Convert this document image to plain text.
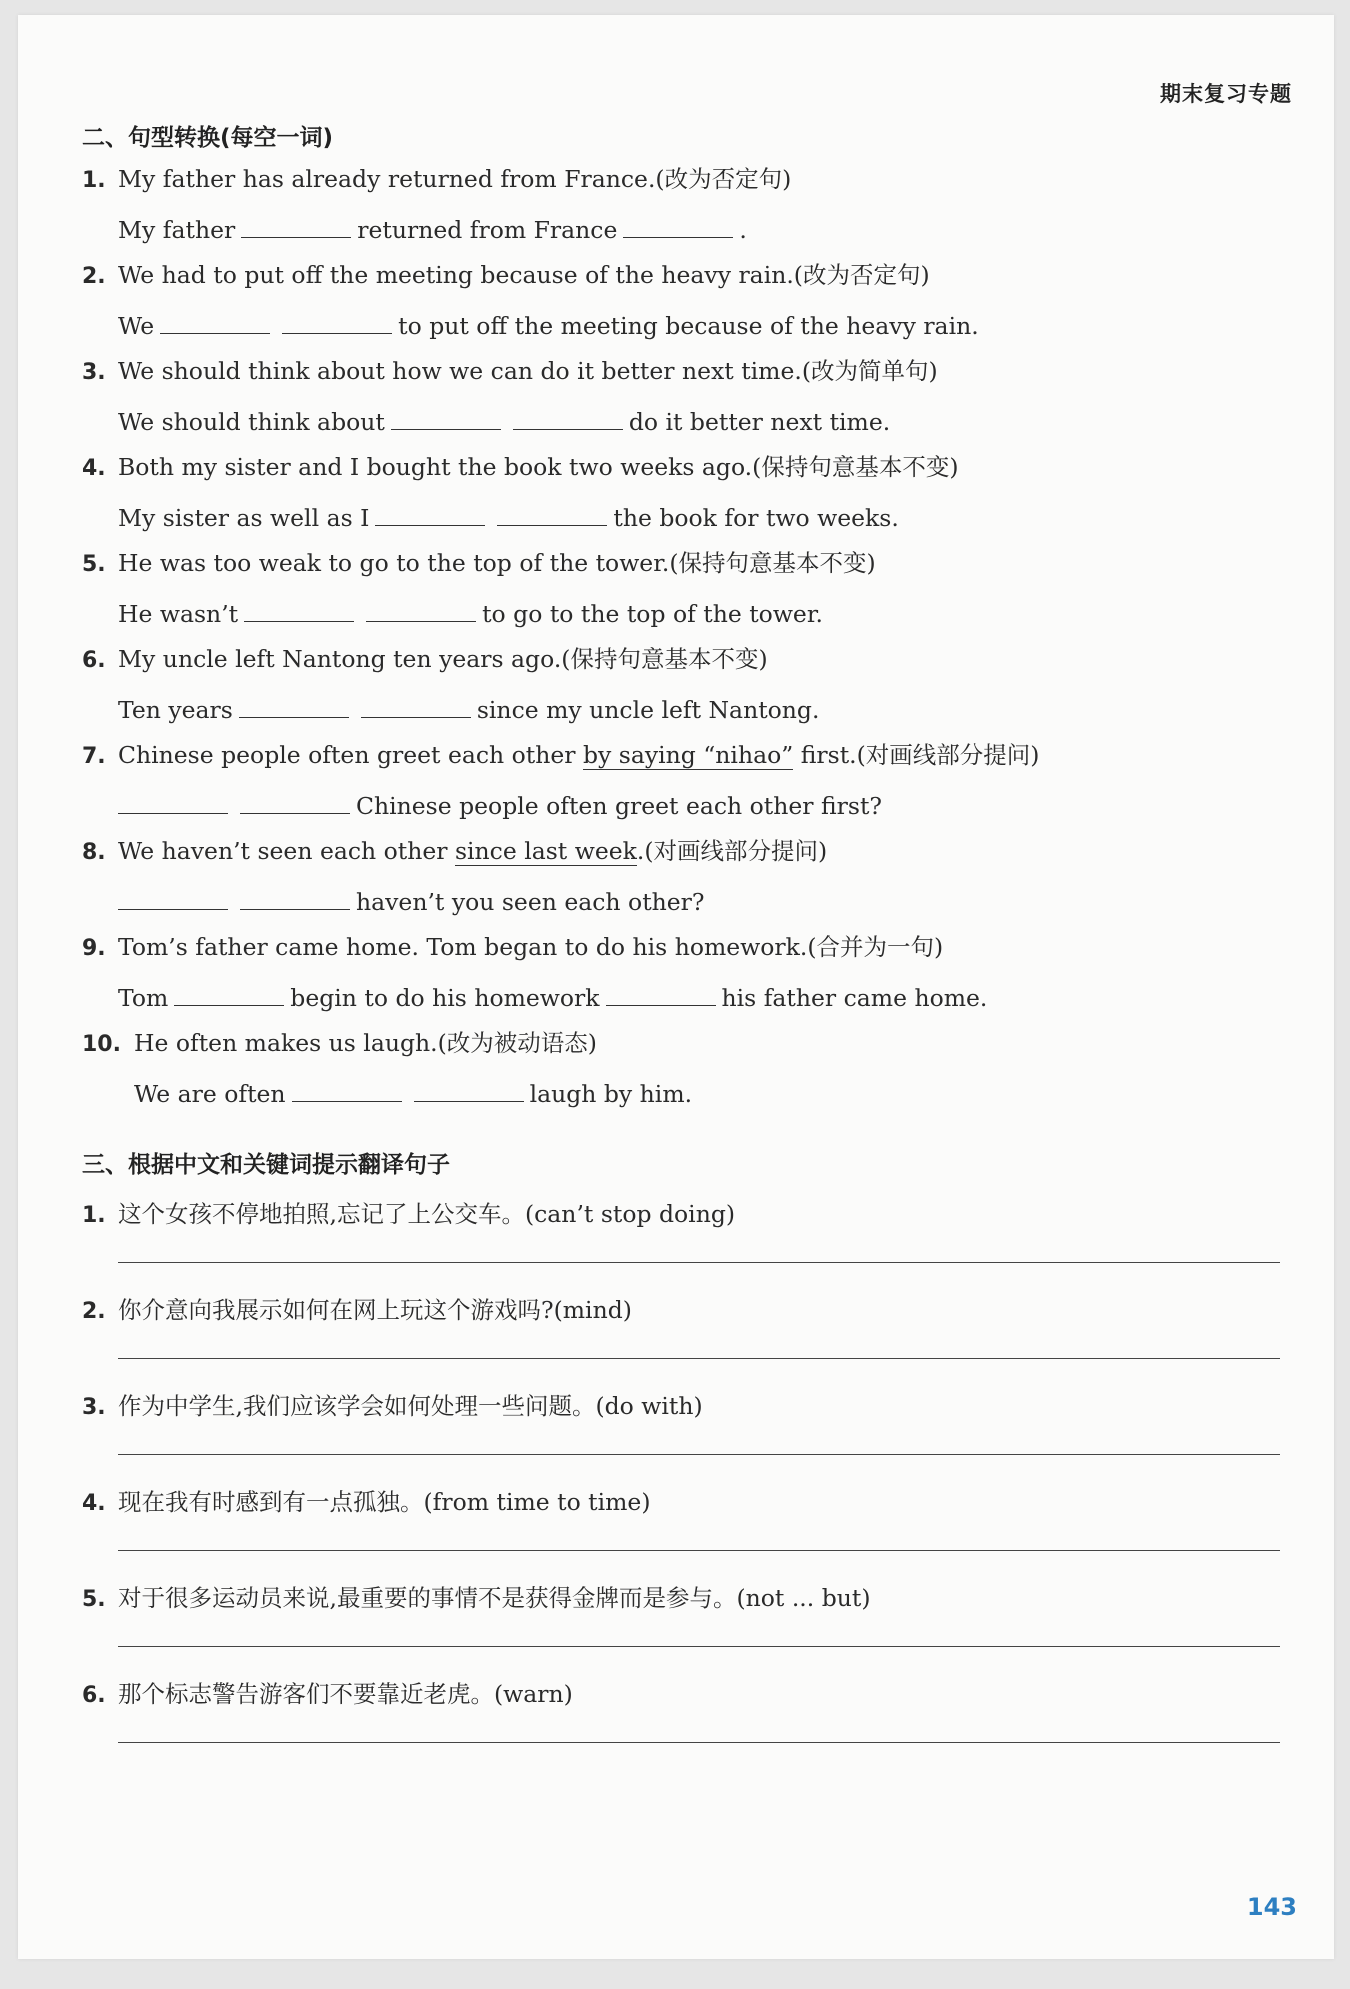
期末复习专题
二、句型转换(每空一词)
1. My father has already returned from France.(改为否定句)
My father	returned from France	.
2. We had to put off the meeting because of the heavy rain.(改为否定句)
We	to put off the meeting because of the heavy rain.
3. We should think about how we can do it better next time.(改为简单句)
We should think about	do it better next time.
4. Both my sister and I bought the book two weeks ago.(保持句意基本不变)
My sister as well as I	the book for two weeks.
5. He was too weak to go to the top of the tower.(保持句意基本不变)
He wasn’t	to go to the top of the tower.
6. My uncle left Nantong ten years ago.(保持句意基本不变)
Ten years	since my uncle left Nantong.
7. Chinese people often greet each other by saying “nihao” first.(对画线部分提问)
Chinese people often greet each other first?
8. We haven’t seen each other since last week.(对画线部分提问)
haven’t you seen each other?
9. Tom’s father came home. Tom began to do his homework.(合并为一句)
Tom	begin to do his homework	his father came home.
10. He often makes us laugh.(改为被动语态)
We are often	laugh by him.
三、根据中文和关键词提示翻译句子
1. 这个女孩不停地拍照,忘记了上公交车。(can’t stop doing)
2. 你介意向我展示如何在网上玩这个游戏吗?(mind)
3. 作为中学生,我们应该学会如何处理一些问题。(do with)
4. 现在我有时感到有一点孤独。(from time to time)
5. 对于很多运动员来说,最重要的事情不是获得金牌而是参与。(not ... but)
6. 那个标志警告游客们不要靠近老虎。(warn)
143
